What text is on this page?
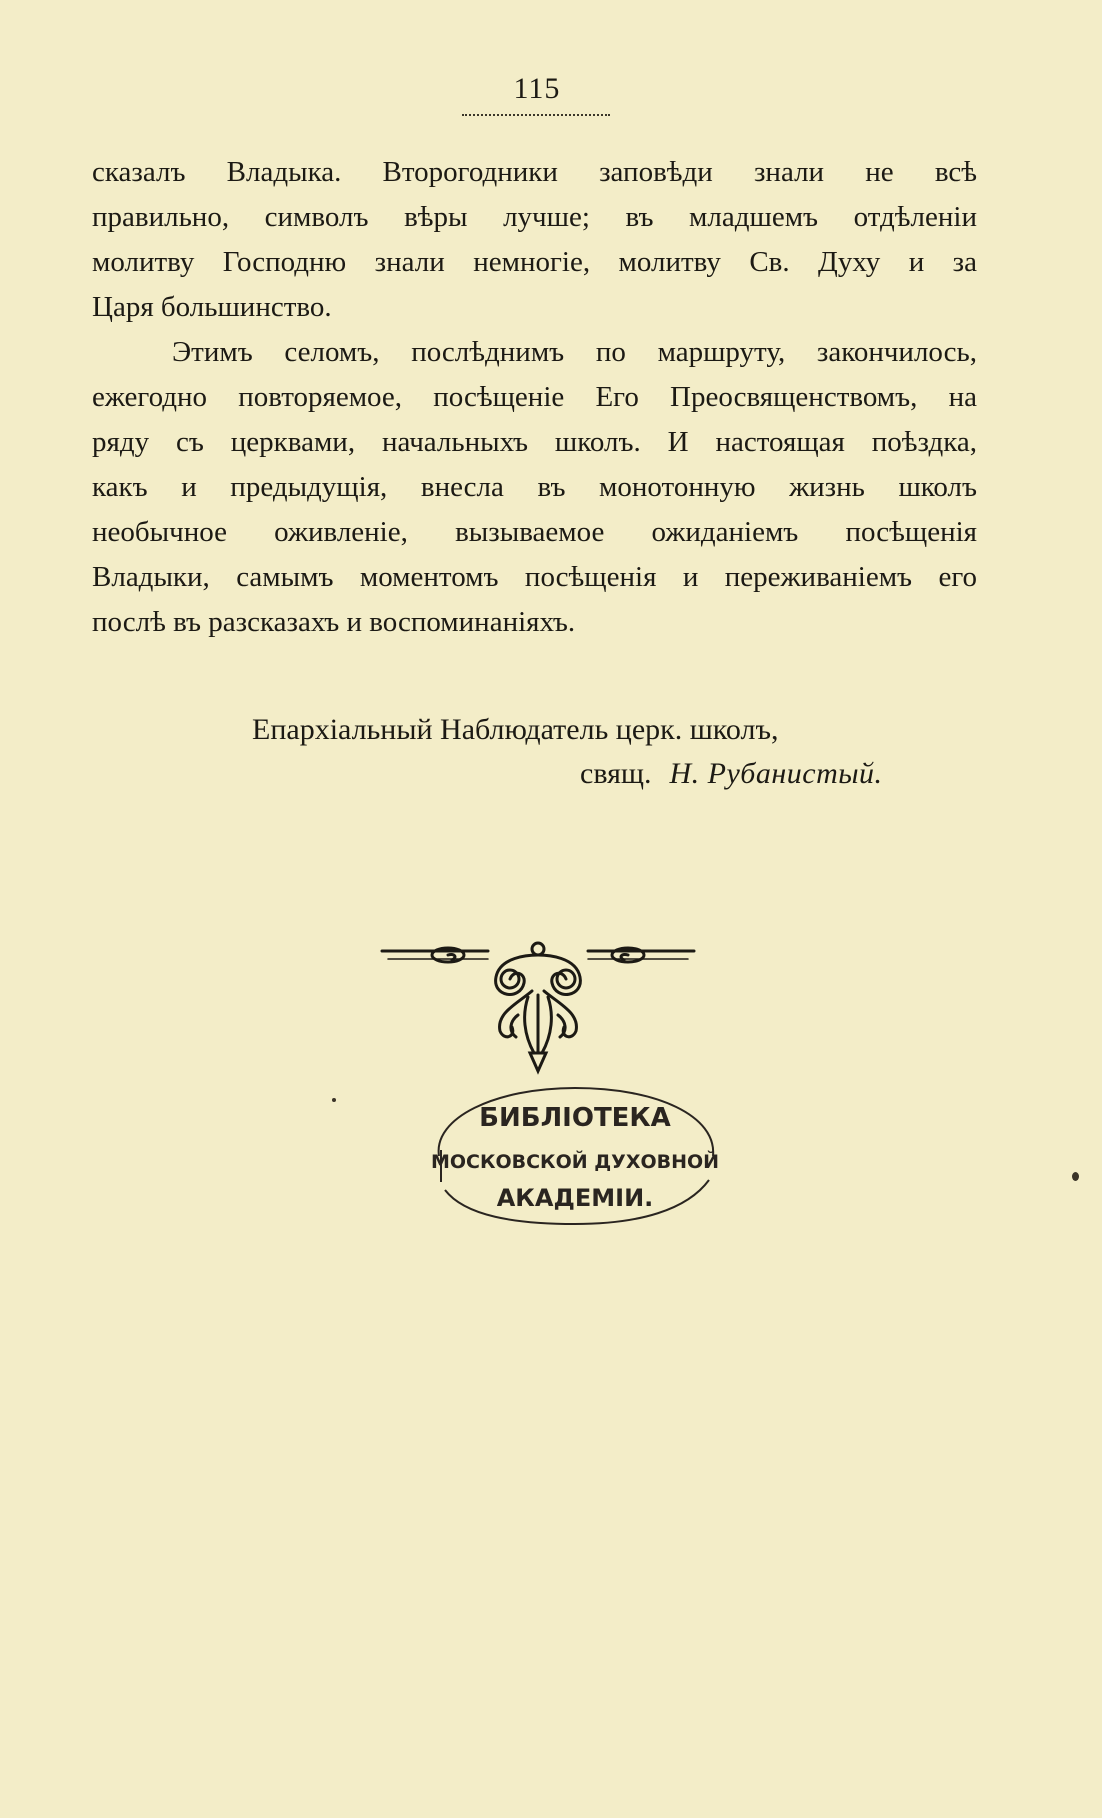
115
сказалъ Владыка. Второгодники заповѣди знали не всѣ
правильно, символъ вѣры лучше; въ младшемъ отдѣленіи
молитву Господню знали немногіе, молитву Св. Духу и за
Царя большинство.
Этимъ селомъ, послѣднимъ по маршруту, закончилось,
ежегодно повторяемое, посѣщеніе Его Преосвященствомъ, на
ряду съ церквами, начальныхъ школъ. И настоящая поѣздка,
какъ и предыдущія, внесла въ монотонную жизнь школъ
необычное оживленіе, вызываемое ожиданіемъ посѣщенія
Владыки, самымъ моментомъ посѣщенія и переживаніемъ его
послѣ въ разсказахъ и воспоминаніяхъ.
Епархіальный Наблюдатель церк. школъ,
свящ. Н. Рубанистый.
БИБЛІОТЕКА
МОСКОВСКОЙ ДУХОВНОЙ
АКАДЕМІИ.
